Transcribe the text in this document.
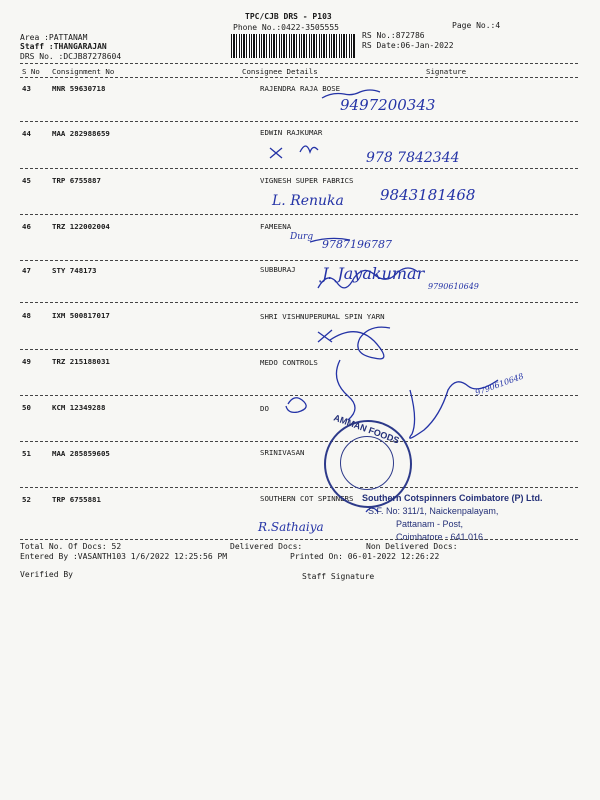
TPC/CJB DRS - P103
Phone No.:0422-3505555	Page No.:4
Area :PATTANAM
Staff :THANGARAJAN
DRS No. :DCJB87278604
RS No.:872786
RS Date:06-Jan-2022
S No Consignment No	Consignee Details	Signature
43	MNR 59630718	RAJENDRA RAJA BOSE
44	MAA 282988659	EDWIN RAJKUMAR
45	TRP 6755887	VIGNESH SUPER FABRICS
46	TRZ 122002004	FAMEENA
47	STY 748173	SUBBURAJ
48	IXM 500817017	SHRI VISHNUPERUMAL SPIN YARN
49	TRZ 215188031	MEDO CONTROLS
50	KCM 12349288	DO
51	MAA 285859605	SRINIVASAN
52	TRP 6755881	SOUTHERN COT SPINNERS
9497200343
978 7842344
L. Renuka 9843181468
Durg
9787196787
J. Jayakumar
9790610649
9790610648
R.Sathaiya
AMMAN FOODS
Southern Cotspinners Coimbatore (P) Ltd.
S.F. No: 311/1, Naickenpalayam,
Pattanam - Post,
Coimbatore - 641 016.
Total No. Of Docs: 52	Delivered Docs:	Non Delivered Docs:
Entered By :VASANTH103 1/6/2022 12:25:56 PM	Printed On: 06-01-2022 12:26:22
Verified By	Staff Signature
